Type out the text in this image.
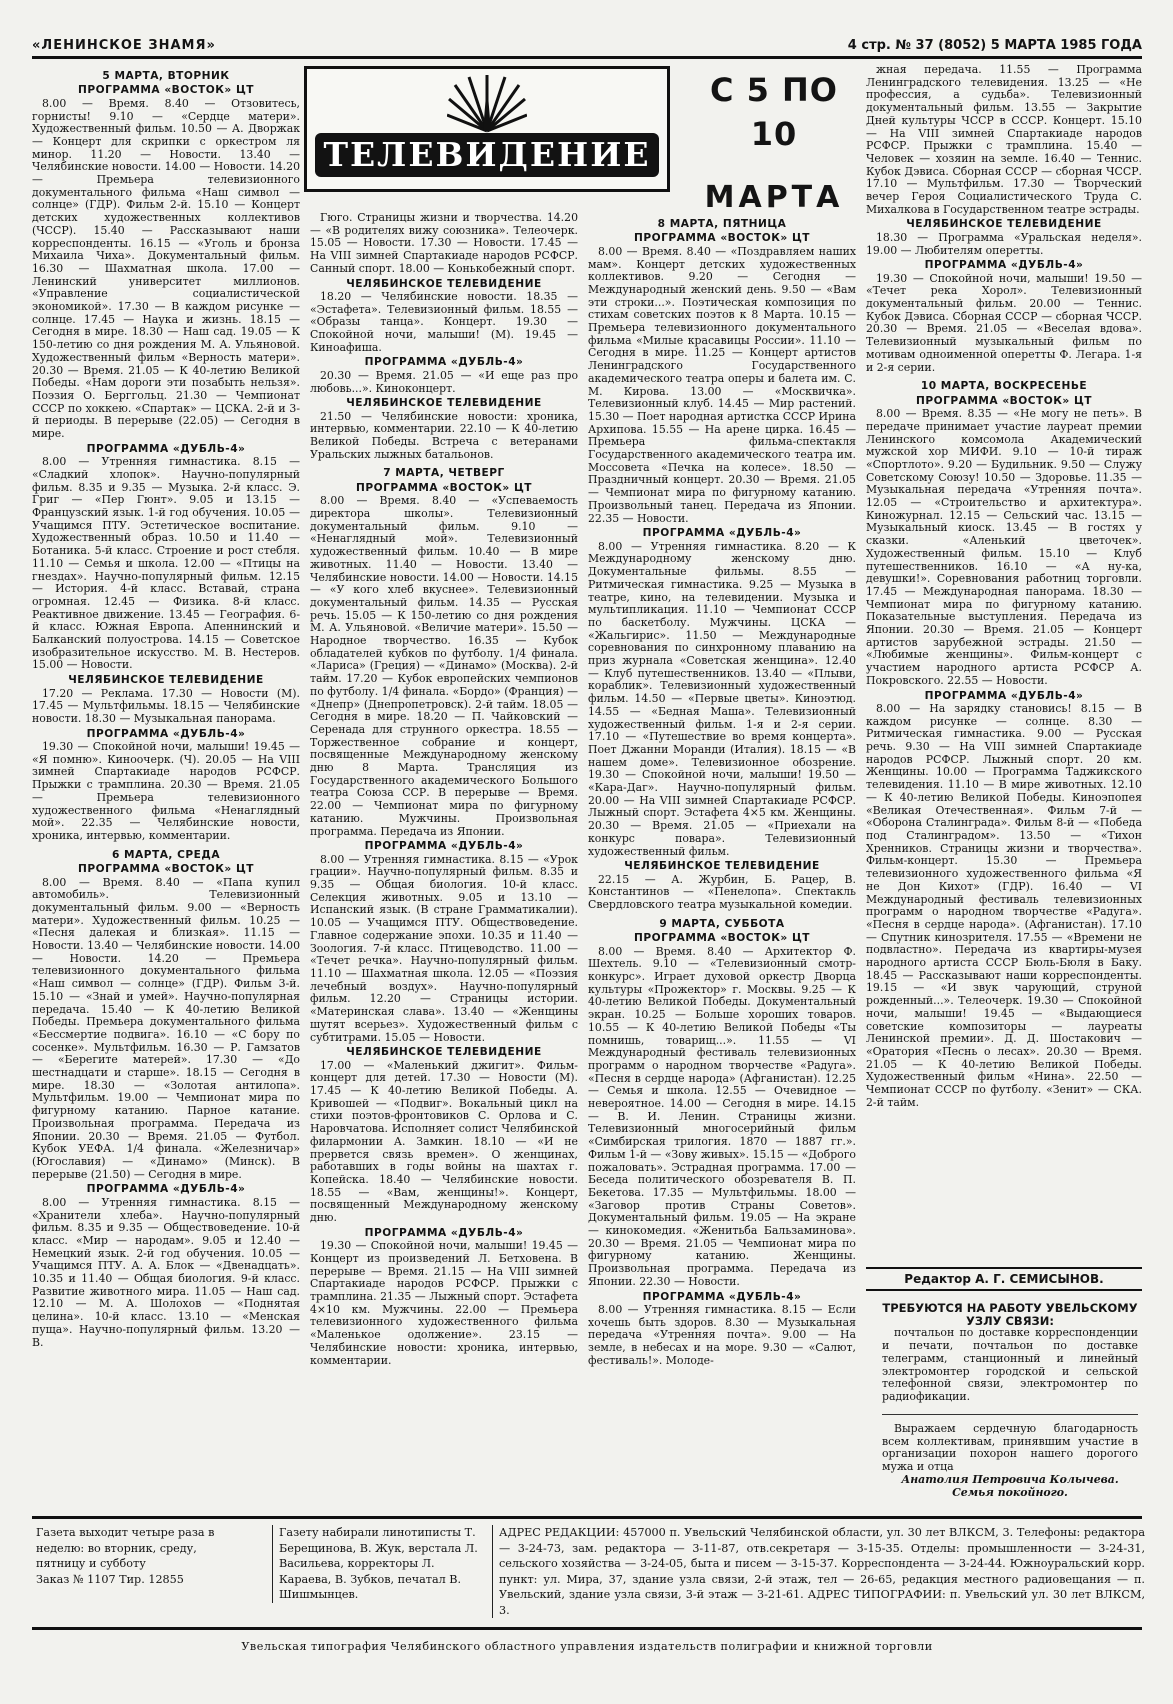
«ЛЕНИНСКОЕ ЗНАМЯ»	4 стр. № 37 (8052) 5 МАРТА 1985 ГОДА
5 МАРТА, ВТОРНИК
ПРОГРАММА «ВОСТОК» ЦТ

8.00 — Время. 8.40 — Отзовитесь, горнисты! 9.10 — «Сердце матери». Художественный фильм. 10.50 — А. Дворжак — Концерт для скрипки с оркестром ля минор. 11.20 — Новости. 13.40 — Челябинские новости. 14.00 — Новости. 14.20 — Премьера телевизионного документального фильма «Наш символ — солнце» (ГДР). Фильм 2-й. 15.10 — Концерт детских художественных коллективов (ЧССР). 15.40 — Рассказывают наши корреспонденты. 16.15 — «Уголь и бронза Михаила Чиха». Документальный фильм. 16.30 — Шахматная школа. 17.00 — Ленинский университет миллионов. «Управление социалистической экономикой». 17.30 — В каждом рисунке — солнце. 17.45 — Наука и жизнь. 18.15 — Сегодня в мире. 18.30 — Наш сад. 19.05 — К 150-летию со дня рождения М. А. Ульяновой. Художественный фильм «Верность матери». 20.30 — Время. 21.05 — К 40-летию Великой Победы. «Нам дороги эти позабыть нельзя». Поэзия О. Берггольц. 21.30 — Чемпионат СССР по хоккею. «Спартак» — ЦСКА. 2-й и 3-й периоды. В перерыве (22.05) — Сегодня в мире.

ПРОГРАММА «ДУБЛЬ-4»

8.00 — Утренняя гимнастика. 8.15 — «Сладкий хлопок». Научно-популярный фильм. 8.35 и 9.35 — Музыка. 2-й класс. Э. Григ — «Пер Гюнт». 9.05 и 13.15 — Французский язык. 1-й год обучения. 10.05 — Учащимся ПТУ. Эстетическое воспитание. Художественный образ. 10.50 и 11.40 — Ботаника. 5-й класс. Строение и рост стебля. 11.10 — Семья и школа. 12.00 — «Птицы на гнездах». Научно-популярный фильм. 12.15 — История. 4-й класс. Вставай, страна огромная. 12.45 — Физика. 8-й класс. Реактивное движение. 13.45 — География. 6-й класс. Южная Европа. Апеннинский и Балканский полуострова. 14.15 — Советское изобразительное искусство. М. В. Нестеров. 15.00 — Новости.

ЧЕЛЯБИНСКОЕ ТЕЛЕВИДЕНИЕ

17.20 — Реклама. 17.30 — Новости (М). 17.45 — Мультфильмы. 18.15 — Челябинские новости. 18.30 — Музыкальная панорама.

ПРОГРАММА «ДУБЛЬ-4»

19.30 — Спокойной ночи, малыши! 19.45 — «Я помню». Киноочерк. (Ч). 20.05 — На VIII зимней Спартакиаде народов РСФСР. Прыжки с трамплина. 20.30 — Время. 21.05 — Премьера телевизионного художественного фильма «Ненаглядный мой». 22.35 — Челябинские новости, хроника, интервью, комментарии.

6 МАРТА, СРЕДА
ПРОГРАММА «ВОСТОК» ЦТ

8.00 — Время. 8.40 — «Папа купил автомобиль». Телевизионный документальный фильм. 9.00 — «Верность матери». Художественный фильм. 10.25 — «Песня далекая и близкая». 11.15 — Новости. 13.40 — Челябинские новости. 14.00 — Новости. 14.20 — Премьера телевизионного документального фильма «Наш символ — солнце» (ГДР). Фильм 3-й. 15.10 — «Знай и умей». Научно-популярная передача. 15.40 — К 40-летию Великой Победы. Премьера документального фильма «Бессмертие подвига». 16.10 — «С бору по сосенке». Мультфильм. 16.30 — Р. Гамзатов — «Берегите матерей». 17.30 — «До шестнадцати и старше». 18.15 — Сегодня в мире. 18.30 — «Золотая антилопа». Мультфильм. 19.00 — Чемпионат мира по фигурному катанию. Парное катание. Произвольная программа. Передача из Японии. 20.30 — Время. 21.05 — Футбол. Кубок УЕФА. 1/4 финала. «Железничар» (Югославия) — «Динамо» (Минск). В перерыве (21.50) — Сегодня в мире.

ПРОГРАММА «ДУБЛЬ-4»

8.00 — Утренняя гимнастика. 8.15 — «Хранители хлеба». Научно-популярный фильм. 8.35 и 9.35 — Обществоведение. 10-й класс. «Мир — народам». 9.05 и 12.40 — Немецкий язык. 2-й год обучения. 10.05 — Учащимся ПТУ. А. А. Блок — «Двенадцать». 10.35 и 11.40 — Общая биология. 9-й класс. Развитие животного мира. 11.05 — Наш сад. 12.10 — М. А. Шолохов — «Поднятая целина». 10-й класс. 13.10 — «Менская пуща». Научно-популярный фильм. 13.20 — В.

ТЕЛЕВИДЕНИЕ
С 5 ПО 10
МАРТА

Гюго. Страницы жизни и творчества. 14.20 — «В родителях вижу союзника». Телеочерк. 15.05 — Новости. 17.30 — Новости. 17.45 — На VIII зимней Спартакиаде народов РСФСР. Санный спорт. 18.00 — Конькобежный спорт.

ЧЕЛЯБИНСКОЕ ТЕЛЕВИДЕНИЕ

18.20 — Челябинские новости. 18.35 — «Эстафета». Телевизионный фильм. 18.55 — «Образы танца». Концерт. 19.30 — Спокойной ночи, малыши! (М). 19.45 — Киноафиша.

ПРОГРАММА «ДУБЛЬ-4»

20.30 — Время. 21.05 — «И еще раз про любовь...». Киноконцерт.

ЧЕЛЯБИНСКОЕ ТЕЛЕВИДЕНИЕ

21.50 — Челябинские новости: хроника, интервью, комментарии. 22.10 — К 40-летию Великой Победы. Встреча с ветеранами Уральских лыжных батальонов.

7 МАРТА, ЧЕТВЕРГ
ПРОГРАММА «ВОСТОК» ЦТ

8.00 — Время. 8.40 — «Успеваемость директора школы». Телевизионный документальный фильм. 9.10 — «Ненаглядный мой». Телевизионный художественный фильм. 10.40 — В мире животных. 11.40 — Новости. 13.40 — Челябинские новости. 14.00 — Новости. 14.15 — «У кого хлеб вкуснее». Телевизионный документальный фильм. 14.35 — Русская речь. 15.05 — К 150-летию со дня рождения М. А. Ульяновой. «Величие матери». 15.50 — Народное творчество. 16.35 — Кубок обладателей кубков по футболу. 1/4 финала. «Лариса» (Греция) — «Динамо» (Москва). 2-й тайм. 17.20 — Кубок европейских чемпионов по футболу. 1/4 финала. «Бордо» (Франция) — «Днепр» (Днепропетровск). 2-й тайм. 18.05 — Сегодня в мире. 18.20 — П. Чайковский — Серенада для струнного оркестра. 18.55 — Торжественное собрание и концерт, посвященные Международному женскому дню 8 Марта. Трансляция из Государственного академического Большого театра Союза ССР. В перерыве — Время. 22.00 — Чемпионат мира по фигурному катанию. Мужчины. Произвольная программа. Передача из Японии.

ПРОГРАММА «ДУБЛЬ-4»

8.00 — Утренняя гимнастика. 8.15 — «Урок грации». Научно-популярный фильм. 8.35 и 9.35 — Общая биология. 10-й класс. Селекция животных. 9.05 и 13.10 — Испанский язык. (В стране Грамматикалии). 10.05 — Учащимся ПТУ. Обществоведение. Главное содержание эпохи. 10.35 и 11.40 — Зоология. 7-й класс. Птицеводство. 11.00 — «Течет речка». Научно-популярный фильм. 11.10 — Шахматная школа. 12.05 — «Поэзия лечебный воздух». Научно-популярный фильм. 12.20 — Страницы истории. «Материнская слава». 13.40 — «Женщины шутят всерьез». Художественный фильм с субтитрами. 15.05 — Новости.

ЧЕЛЯБИНСКОЕ ТЕЛЕВИДЕНИЕ

17.00 — «Маленький джигит». Фильм-концерт для детей. 17.30 — Новости (М). 17.45 — К 40-летию Великой Победы. А. Кривошей — «Подвиг». Вокальный цикл на стихи поэтов-фронтовиков С. Орлова и С. Наровчатова. Исполняет солист Челябинской филармонии А. Замкин. 18.10 — «И не прервется связь времен». О женщинах, работавших в годы войны на шахтах г. Копейска. 18.40 — Челябинские новости. 18.55 — «Вам, женщины!». Концерт, посвященный Международному женскому дню.

ПРОГРАММА «ДУБЛЬ-4»

19.30 — Спокойной ночи, малыши! 19.45 — Концерт из произведений Л. Бетховена. В перерыве — Время. 21.15 — На VIII зимней Спартакиаде народов РСФСР. Прыжки с трамплина. 21.35 — Лыжный спорт. Эстафета 4×10 км. Мужчины. 22.00 — Премьера телевизионного художественного фильма «Маленькое одолжение». 23.15 — Челябинские новости: хроника, интервью, комментарии.

8 МАРТА, ПЯТНИЦА
ПРОГРАММА «ВОСТОК» ЦТ

8.00 — Время. 8.40 — «Поздравляем наших мам». Концерт детских художественных коллективов. 9.20 — Сегодня — Международный женский день. 9.50 — «Вам эти строки...». Поэтическая композиция по стихам советских поэтов к 8 Марта. 10.15 — Премьера телевизионного документального фильма «Милые красавицы России». 11.10 — Сегодня в мире. 11.25 — Концерт артистов Ленинградского Государственного академического театра оперы и балета им. С. М. Кирова. 13.00 — «Москвичка». Телевизионный клуб. 14.45 — Мир растений. 15.30 — Поет народная артистка СССР Ирина Архипова. 15.55 — На арене цирка. 16.45 — Премьера фильма-спектакля Государственного академического театра им. Моссовета «Печка на колесе». 18.50 — Праздничный концерт. 20.30 — Время. 21.05 — Чемпионат мира по фигурному катанию. Произвольный танец. Передача из Японии. 22.35 — Новости.

ПРОГРАММА «ДУБЛЬ-4»

8.00 — Утренняя гимнастика. 8.20 — К Международному женскому дню. Документальные фильмы. 8.55 — Ритмическая гимнастика. 9.25 — Музыка в театре, кино, на телевидении. Музыка и мультипликация. 11.10 — Чемпионат СССР по баскетболу. Мужчины. ЦСКА — «Жальгирис». 11.50 — Международные соревнования по синхронному плаванию на приз журнала «Советская женщина». 12.40 — Клуб путешественников. 13.40 — «Плыви, кораблик». Телевизионный художественный фильм. 14.50 — «Первые цветы». Киноэтюд. 14.55 — «Бедная Маша». Телевизионный художественный фильм. 1-я и 2-я серии. 17.10 — «Путешествие во время концерта». Поет Джанни Моранди (Италия). 18.15 — «В нашем доме». Телевизионное обозрение. 19.30 — Спокойной ночи, малыши! 19.50 — «Кара-Даг». Научно-популярный фильм. 20.00 — На VIII зимней Спартакиаде РСФСР. Лыжный спорт. Эстафета 4×5 км. Женщины. 20.30 — Время. 21.05 — «Приехали на конкурс повара». Телевизионный художественный фильм.

ЧЕЛЯБИНСКОЕ ТЕЛЕВИДЕНИЕ

22.15 — А. Журбин, Б. Рацер, В. Константинов — «Пенелопа». Спектакль Свердловского театра музыкальной комедии.

9 МАРТА, СУББОТА
ПРОГРАММА «ВОСТОК» ЦТ

8.00 — Время. 8.40 — Архитектор Ф. Шехтель. 9.10 — «Телевизионный смотр-конкурс». Играет духовой оркестр Дворца культуры «Прожектор» г. Москвы. 9.25 — К 40-летию Великой Победы. Документальный экран. 10.25 — Больше хороших товаров. 10.55 — К 40-летию Великой Победы «Ты помнишь, товарищ...». 11.55 — VI Международный фестиваль телевизионных программ о народном творчестве «Радуга». «Песня в сердце народа» (Афганистан). 12.25 — Семья и школа. 12.55 — Очевидное — невероятное. 14.00 — Сегодня в мире. 14.15 — В. И. Ленин. Страницы жизни. Телевизионный многосерийный фильм «Симбирская трилогия. 1870 — 1887 гг.». Фильм 1-й — «Зову живых». 15.15 — «Доброго пожаловать». Эстрадная программа. 17.00 — Беседа политического обозревателя В. П. Бекетова. 17.35 — Мультфильмы. 18.00 — «Заговор против Страны Советов». Документальный фильм. 19.05 — На экране — кинокомедия. «Женитьба Бальзаминова». 20.30 — Время. 21.05 — Чемпионат мира по фигурному катанию. Женщины. Произвольная программа. Передача из Японии. 22.30 — Новости.

ПРОГРАММА «ДУБЛЬ-4»

8.00 — Утренняя гимнастика. 8.15 — Если хочешь быть здоров. 8.30 — Музыкальная передача «Утренняя почта». 9.00 — На земле, в небесах и на море. 9.30 — «Салют, фестиваль!». Молоде-

жная передача. 11.55 — Программа Ленинградского телевидения. 13.25 — «Не профессия, а судьба». Телевизионный документальный фильм. 13.55 — Закрытие Дней культуры ЧССР в СССР. Концерт. 15.10 — На VIII зимней Спартакиаде народов РСФСР. Прыжки с трамплина. 15.40 — Человек — хозяин на земле. 16.40 — Теннис. Кубок Дэвиса. Сборная СССР — сборная ЧССР. 17.10 — Мультфильм. 17.30 — Творческий вечер Героя Социалистического Труда С. Михалкова в Государственном театре эстрады.

ЧЕЛЯБИНСКОЕ ТЕЛЕВИДЕНИЕ

18.30 — Программа «Уральская неделя». 19.00 — Любителям оперетты.

ПРОГРАММА «ДУБЛЬ-4»

19.30 — Спокойной ночи, малыши! 19.50 — «Течет река Хорол». Телевизионный документальный фильм. 20.00 — Теннис. Кубок Дэвиса. Сборная СССР — сборная ЧССР. 20.30 — Время. 21.05 — «Веселая вдова». Телевизионный музыкальный фильм по мотивам одноименной оперетты Ф. Легара. 1-я и 2-я серии.

10 МАРТА, ВОСКРЕСЕНЬЕ
ПРОГРАММА «ВОСТОК» ЦТ

8.00 — Время. 8.35 — «Не могу не петь». В передаче принимает участие лауреат премии Ленинского комсомола Академический мужской хор МИФИ. 9.10 — 10-й тираж «Спортлото». 9.20 — Будильник. 9.50 — Служу Советскому Союзу! 10.50 — Здоровье. 11.35 — Музыкальная передача «Утренняя почта». 12.05 — «Строительство и архитектура». Киножурнал. 12.15 — Сельский час. 13.15 — Музыкальный киоск. 13.45 — В гостях у сказки. «Аленький цветочек». Художественный фильм. 15.10 — Клуб путешественников. 16.10 — «А ну-ка, девушки!». Соревнования работниц торговли. 17.45 — Международная панорама. 18.30 — Чемпионат мира по фигурному катанию. Показательные выступления. Передача из Японии. 20.30 — Время. 21.05 — Концерт артистов зарубежной эстрады. 21.50 — «Любимые женщины». Фильм-концерт с участием народного артиста РСФСР А. Покровского. 22.55 — Новости.

ПРОГРАММА «ДУБЛЬ-4»

8.00 — На зарядку становись! 8.15 — В каждом рисунке — солнце. 8.30 — Ритмическая гимнастика. 9.00 — Русская речь. 9.30 — На VIII зимней Спартакиаде народов РСФСР. Лыжный спорт. 20 км. Женщины. 10.00 — Программа Таджикского телевидения. 11.10 — В мире животных. 12.10 — К 40-летию Великой Победы. Киноэпопея «Великая Отечественная». Фильм 7-й — «Оборона Сталинграда». Фильм 8-й — «Победа под Сталинградом». 13.50 — «Тихон Хренников. Страницы жизни и творчества». Фильм-концерт. 15.30 — Премьера телевизионного художественного фильма «Я не Дон Кихот» (ГДР). 16.40 — VI Международный фестиваль телевизионных программ о народном творчестве «Радуга». «Песня в сердце народа». (Афганистан). 17.10 — Спутник кинозрителя. 17.55 — «Времени не подвластно». Передача из квартиры-музея народного артиста СССР Бюль-Бюля в Баку. 18.45 — Рассказывают наши корреспонденты. 19.15 — «И звук чарующий, струной рожденный...». Телеочерк. 19.30 — Спокойной ночи, малыши! 19.45 — «Выдающиеся советские композиторы — лауреаты Ленинской премии». Д. Д. Шостакович — «Оратория «Песнь о лесах». 20.30 — Время. 21.05 — К 40-летию Великой Победы. Художественный фильм «Нина». 22.50 — Чемпионат СССР по футболу. «Зенит» — СКА. 2-й тайм.

Редактор А. Г. СЕМИСЫНОВ.
ТРЕБУЮТСЯ НА РАБОТУ УВЕЛЬСКОМУ УЗЛУ СВЯЗИ:
почтальон по доставке корреспонденции и печати, почтальон по доставке телеграмм, станционный и линейный электромонтер городской и сельской телефонной связи, электромонтер по радиофикации.
Выражаем сердечную благодарность всем коллективам, принявшим участие в организации похорон нашего дорогого мужа и отца
Анатолия Петровича Колычева.
Семья покойного.
Газета выходит четыре раза в неделю: во вторник, среду, пятницу и субботу
Заказ № 1107 Тир. 12855
Газету набирали линотиписты Т. Берещинова, В. Жук, верстала Л. Васильева, корректоры Л. Караева, В. Зубков, печатал В. Шишмынцев.
АДРЕС РЕДАКЦИИ: 457000 п. Увельский Челябинской области, ул. 30 лет ВЛКСМ, 3. Телефоны: редактора — 3-24-73, зам. редактора — 3-11-87, отв.секретаря — 3-15-35. Отделы: промышленности — 3-24-31, сельского хозяйства — 3-24-05, быта и писем — 3-15-37. Корреспондента — 3-24-44. Южноуральский корр. пункт: ул. Мира, 37, здание узла связи, 2-й этаж, тел — 26-65, редакция местного радиовещания — п. Увельский, здание узла связи, 3-й этаж — 3-21-61. АДРЕС ТИПОГРАФИИ: п. Увельский ул. 30 лет ВЛКСМ, 3.
Увельская типография Челябинского областного управления издательств полиграфии и книжной торговли
